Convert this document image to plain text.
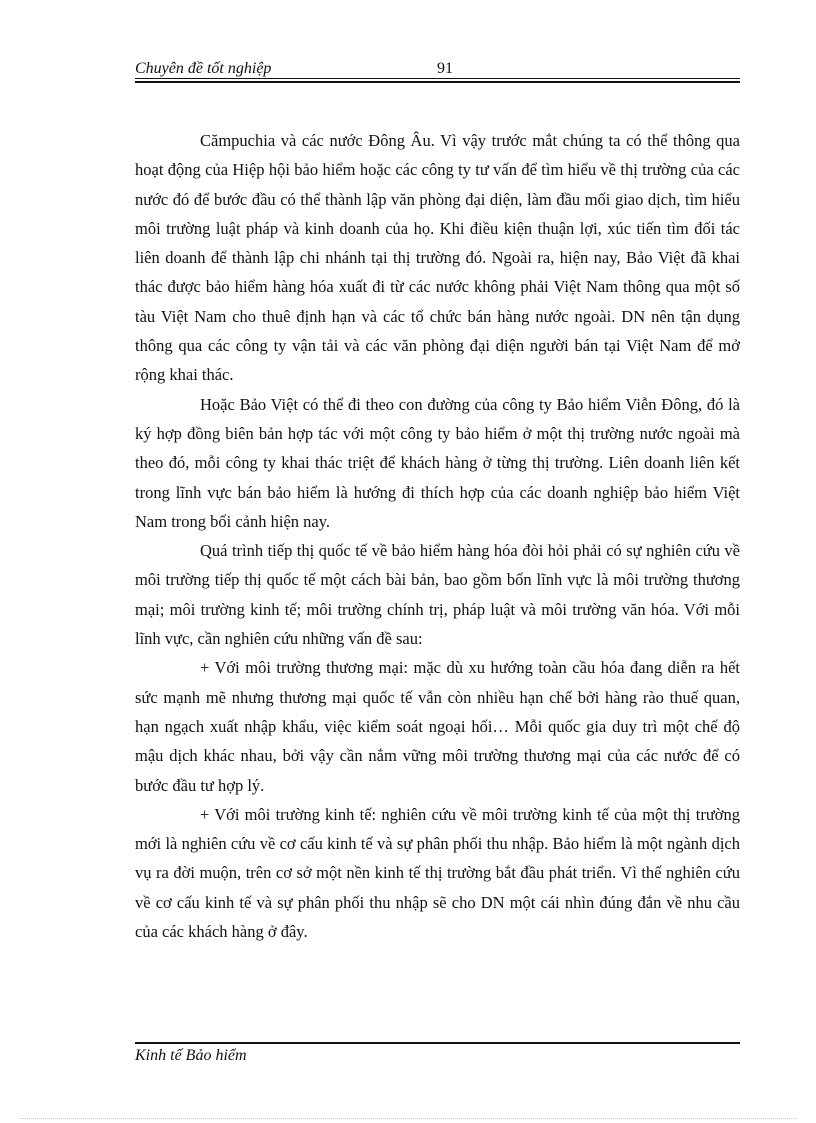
Chuyên đề tốt nghiệp	91

Cămpuchia và các nước Đông Âu. Vì vậy trước mắt chúng ta có thể thông qua hoạt động của Hiệp hội bảo hiểm hoặc các công ty tư vấn để tìm hiểu về thị trường của các nước đó để bước đầu có thể thành lập văn phòng đại diện, làm đầu mối giao dịch, tìm hiểu môi trường luật pháp và kinh doanh của họ. Khi điều kiện thuận lợi, xúc tiến tìm đối tác liên doanh để thành lập chi nhánh tại thị trường đó. Ngoài ra, hiện nay, Bảo Việt đã khai thác được bảo hiểm hàng hóa xuất đi từ các nước không phải Việt Nam thông qua một số tàu Việt Nam cho thuê định hạn và các tổ chức bán hàng nước ngoài. DN nên tận dụng thông qua các công ty vận tải và các văn phòng đại diện người bán tại Việt Nam để mở rộng khai thác.

Hoặc Bảo Việt có thể đi theo con đường của công ty Bảo hiểm Viễn Đông, đó là ký hợp đồng biên bản hợp tác với một công ty bảo hiểm ở một thị trường nước ngoài mà theo đó, mỗi công ty khai thác triệt để khách hàng ở từng thị trường. Liên doanh liên kết trong lĩnh vực bán bảo hiểm là hướng đi thích hợp của các doanh nghiệp bảo hiểm Việt Nam trong bối cảnh hiện nay.

Quá trình tiếp thị quốc tế về bảo hiểm hàng hóa đòi hỏi phải có sự nghiên cứu về môi trường tiếp thị quốc tế một cách bài bản, bao gồm bốn lĩnh vực là môi trường thương mại; môi trường kinh tế; môi trường chính trị, pháp luật và môi trường văn hóa. Với mỗi lĩnh vực, cần nghiên cứu những vấn đề sau:

+ Với môi trường thương mại: mặc dù xu hướng toàn cầu hóa đang diễn ra hết sức mạnh mẽ nhưng thương mại quốc tế vẫn còn nhiều hạn chế bởi hàng rào thuế quan, hạn ngạch xuất nhập khẩu, việc kiểm soát ngoại hối… Mỗi quốc gia duy trì một chế độ mậu dịch khác nhau, bởi vậy cần nắm vững môi trường thương mại của các nước để có bước đầu tư hợp lý.

+ Với môi trường kinh tế: nghiên cứu về môi trường kinh tế của một thị trường mới là nghiên cứu về cơ cấu kinh tế và sự phân phối thu nhập. Bảo hiểm là một ngành dịch vụ ra đời muộn, trên cơ sở một nền kinh tế thị trường bắt đầu phát triển. Vì thế nghiên cứu về cơ cấu kinh tế và sự phân phối thu nhập sẽ cho DN một cái nhìn đúng đắn về nhu cầu của các khách hàng ở đây.

Kinh tế Bảo hiểm
